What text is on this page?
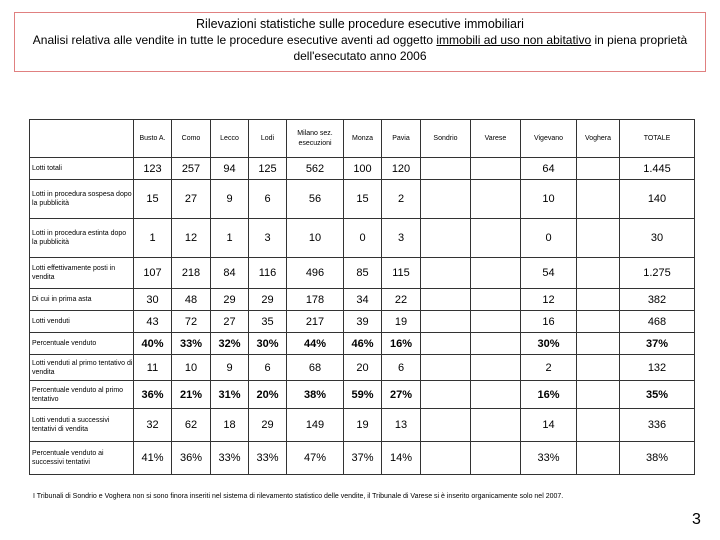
Rilevazioni statistiche sulle procedure esecutive immobiliari
Analisi relativa alle vendite in tutte le procedure esecutive aventi ad oggetto immobili ad uso non abitativo in piena proprietà
dell'esecutato anno 2006
	Busto A.	Como	Lecco	Lodi	Milano sez. esecuzioni	Monza	Pavia	Sondrio	Varese	Vigevano	Voghera	TOTALE
Lotti totali	123	257	94	125	562	100	120			64		1.445
Lotti in procedura sospesa dopo la pubblicità	15	27	9	6	56	15	2			10		140
Lotti in procedura estinta dopo la pubblicità	1	12	1	3	10	0	3			0		30
Lotti effettivamente posti in vendita	107	218	84	116	496	85	115			54		1.275
Di cui in prima asta	30	48	29	29	178	34	22			12		382
Lotti venduti	43	72	27	35	217	39	19			16		468
Percentuale venduto	40%	33%	32%	30%	44%	46%	16%			30%		37%
Lotti venduti al primo tentativo di vendita	11	10	9	6	68	20	6			2		132
Percentuale venduto al primo tentativo	36%	21%	31%	20%	38%	59%	27%			16%		35%
Lotti venduti a successivi tentativi di vendita	32	62	18	29	149	19	13			14		336
Percentuale venduto ai successivi tentativi	41%	36%	33%	33%	47%	37%	14%			33%		38%
I Tribunali di Sondrio e Voghera non si sono finora inseriti nel sistema di rilevamento statistico delle vendite, il Tribunale di Varese si è inserito organicamente solo nel 2007.
3
